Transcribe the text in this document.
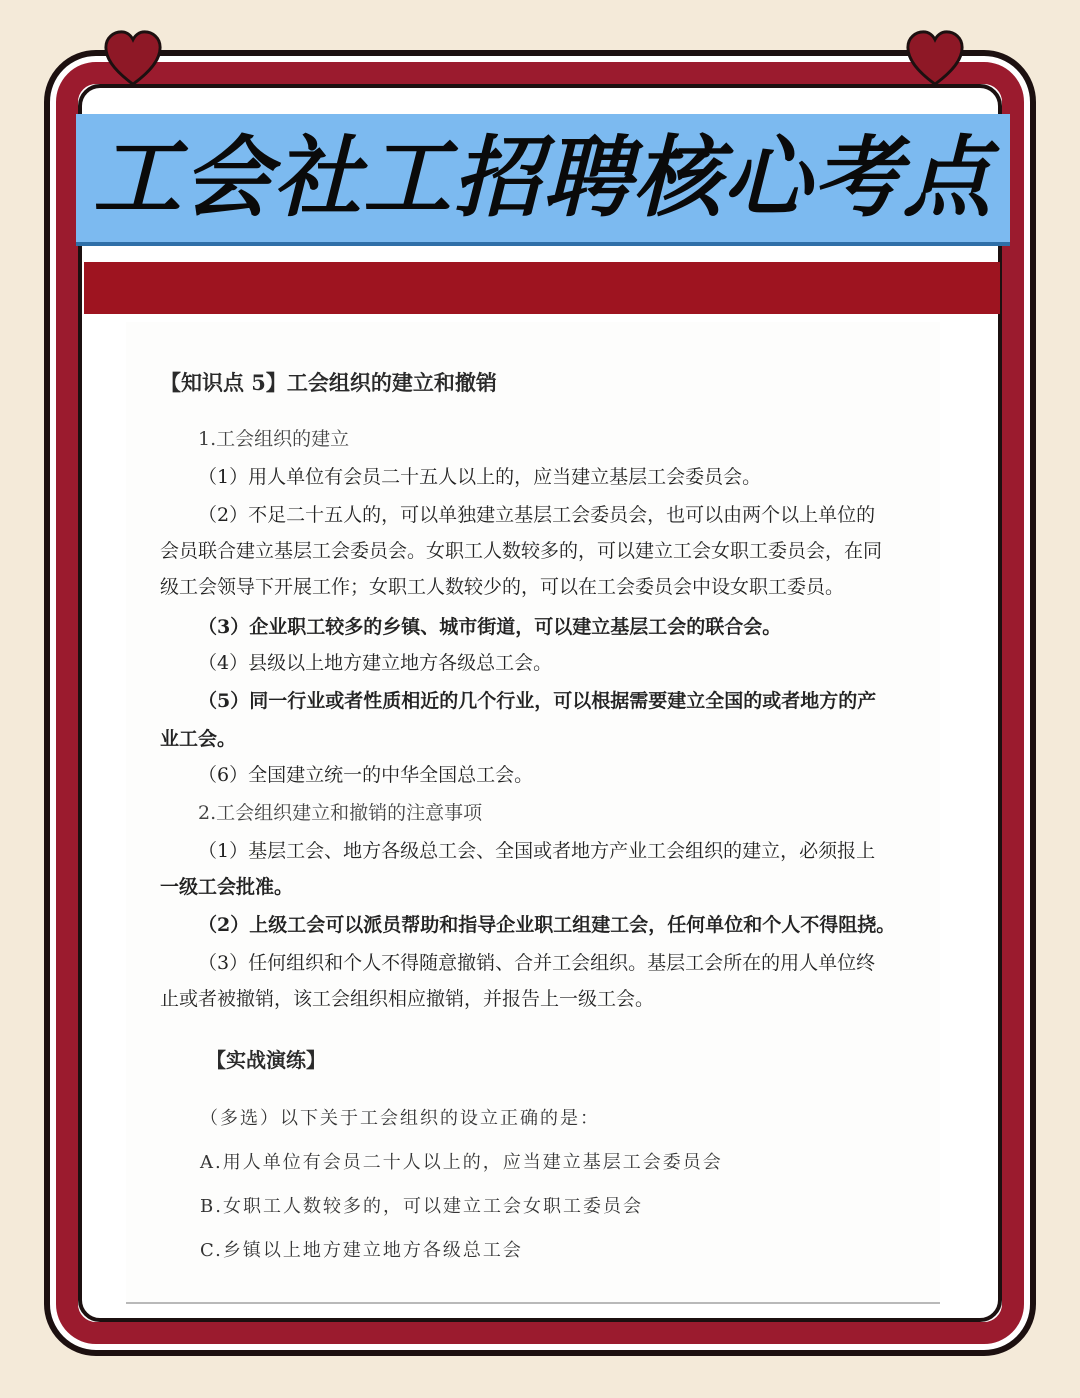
工会社工招聘核心考点
【知识点 5】工会组织的建立和撤销
1.工会组织的建立
（1）用人单位有会员二十五人以上的，应当建立基层工会委员会。
（2）不足二十五人的，可以单独建立基层工会委员会，也可以由两个以上单位的
会员联合建立基层工会委员会。女职工人数较多的，可以建立工会女职工委员会，在同
级工会领导下开展工作；女职工人数较少的，可以在工会委员会中设女职工委员。
（3）企业职工较多的乡镇、城市街道，可以建立基层工会的联合会。
（4）县级以上地方建立地方各级总工会。
（5）同一行业或者性质相近的几个行业，可以根据需要建立全国的或者地方的产
业工会。
（6）全国建立统一的中华全国总工会。
2.工会组织建立和撤销的注意事项
（1）基层工会、地方各级总工会、全国或者地方产业工会组织的建立，必须报上
一级工会批准。
（2）上级工会可以派员帮助和指导企业职工组建工会，任何单位和个人不得阻挠。
（3）任何组织和个人不得随意撤销、合并工会组织。基层工会所在的用人单位终
止或者被撤销，该工会组织相应撤销，并报告上一级工会。
【实战演练】
（多选）以下关于工会组织的设立正确的是：
A.用人单位有会员二十人以上的，应当建立基层工会委员会
B.女职工人数较多的，可以建立工会女职工委员会
C.乡镇以上地方建立地方各级总工会
